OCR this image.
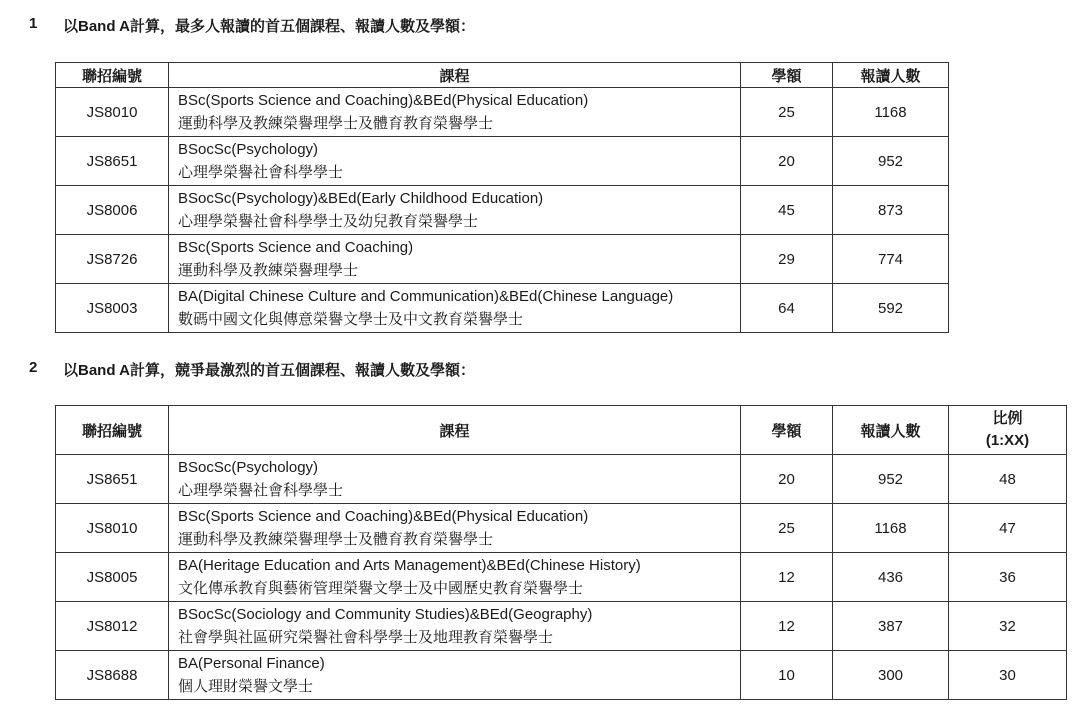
1 以Band A計算，最多人報讀的首五個課程、報讀人數及學額：
聯招編號	課程	學額	報讀人數
JS8010	BSc(Sports Science and Coaching)&BEd(Physical Education)
運動科學及教練榮譽理學士及體育教育榮譽學士	25	1168
JS8651	BSocSc(Psychology)
心理學榮譽社會科學學士	20	952
JS8006	BSocSc(Psychology)&BEd(Early Childhood Education)
心理學榮譽社會科學學士及幼兒教育榮譽學士	45	873
JS8726	BSc(Sports Science and Coaching)
運動科學及教練榮譽理學士	29	774
JS8003	BA(Digital Chinese Culture and Communication)&BEd(Chinese Language)
數碼中國文化與傳意榮譽文學士及中文教育榮譽學士	64	592
2 以Band A計算，競爭最激烈的首五個課程、報讀人數及學額：
聯招編號	課程	學額	報讀人數	比例
(1:XX)

JS8651	BSocSc(Psychology)
心理學榮譽社會科學學士	20	952	48
JS8010	BSc(Sports Science and Coaching)&BEd(Physical Education)
運動科學及教練榮譽理學士及體育教育榮譽學士	25	1168	47
JS8005	BA(Heritage Education and Arts Management)&BEd(Chinese History)
文化傳承教育與藝術管理榮譽文學士及中國歷史教育榮譽學士	12	436	36
JS8012	BSocSc(Sociology and Community Studies)&BEd(Geography)
社會學與社區研究榮譽社會科學學士及地理教育榮譽學士	12	387	32
JS8688	BA(Personal Finance)
個人理財榮譽文學士	10	300	30
